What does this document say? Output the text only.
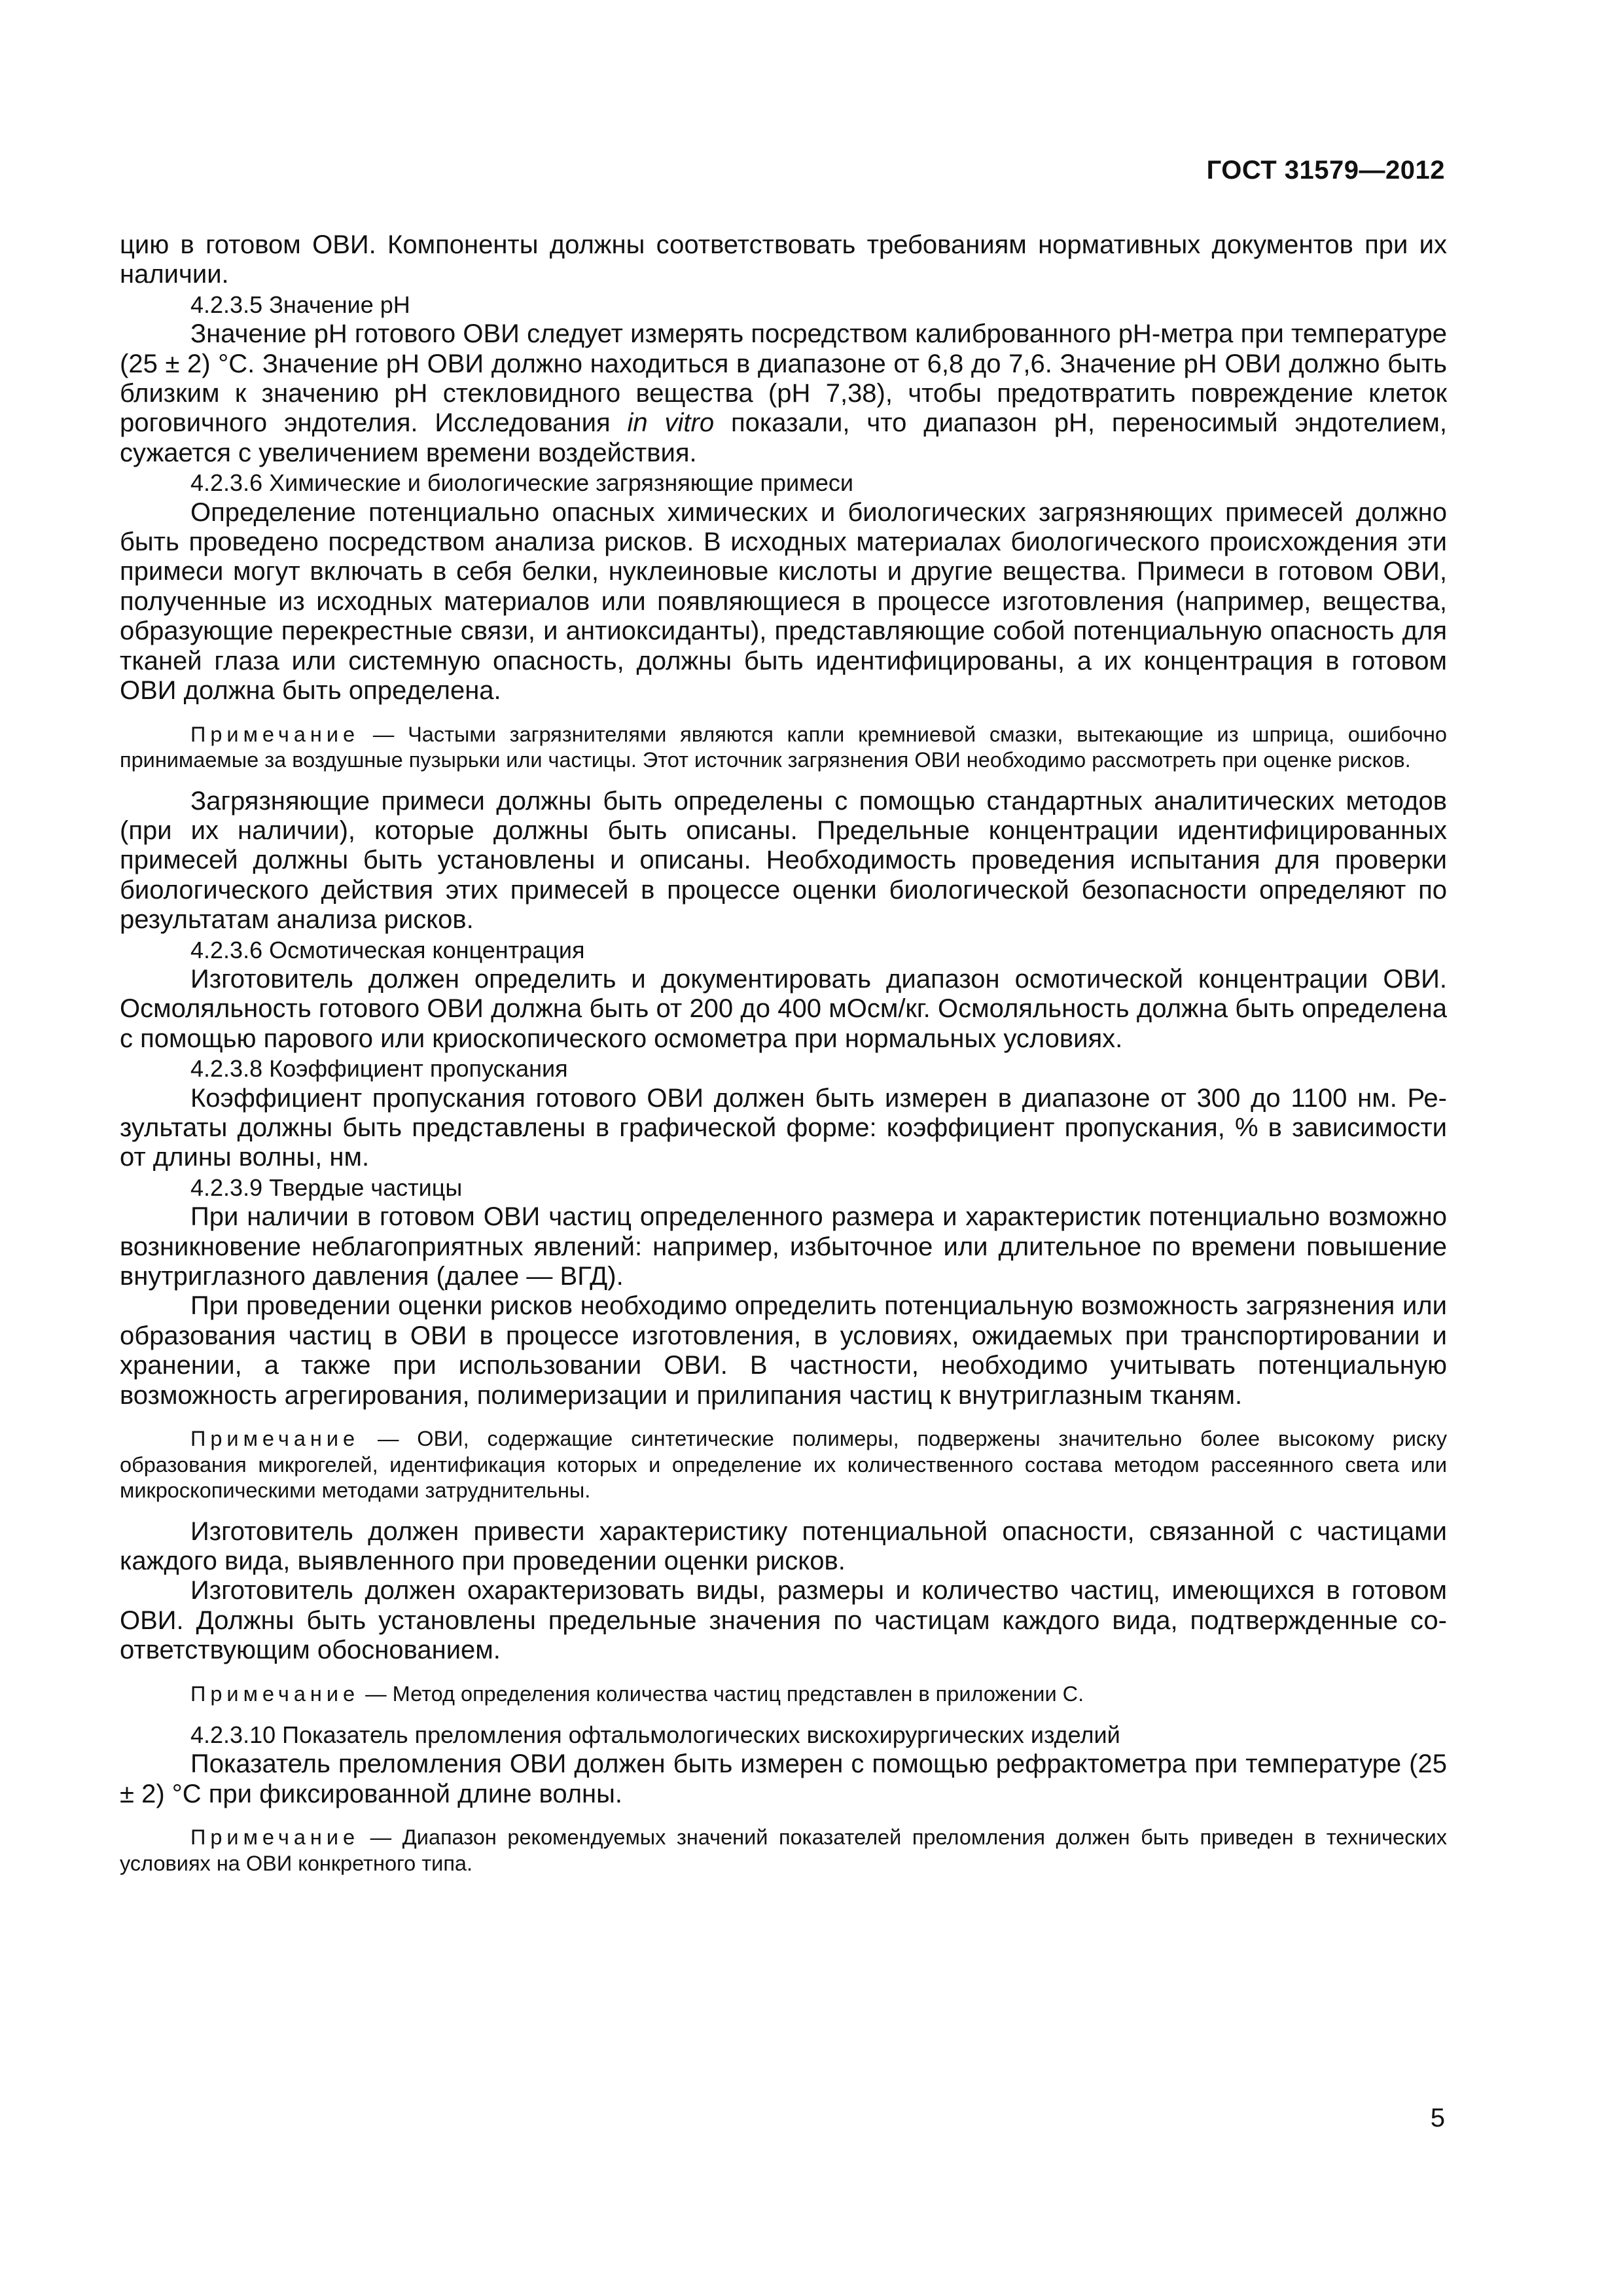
ГОСТ 31579—2012

цию в готовом ОВИ. Компоненты должны соответствовать требованиям нормативных документов при их наличии.

4.2.3.5 Значение pH

Значение pH готового ОВИ следует измерять посредством калиброванного pH-метра при температуре (25 ± 2) °С. Значение pH ОВИ должно находиться в диапазоне от 6,8 до 7,6. Значение pH ОВИ должно быть близким к значению pH стекловидного вещества (pH 7,38), чтобы предотвратить повреждение клеток роговичного эндотелия. Исследования in vitro показали, что диапазон pH, переносимый эндотелием, сужается с увеличением времени воздействия.

4.2.3.6 Химические и биологические загрязняющие примеси

Определение потенциально опасных химических и биологических загрязняющих примесей должно быть проведено посредством анализа рисков. В исходных материалах биологического происхождения эти примеси могут включать в себя белки, нуклеиновые кислоты и другие вещества. Примеси в готовом ОВИ, полученные из исходных материалов или появляющиеся в процессе изготовления (например, вещества, образующие перекрестные связи, и антиоксиданты), представляющие собой потенциальную опасность для тканей глаза или системную опасность, должны быть идентифицированы, а их концентрация в готовом ОВИ должна быть определена.

Примечание — Частыми загрязнителями являются капли кремниевой смазки, вытекающие из шприца, ошибочно принимаемые за воздушные пузырьки или частицы. Этот источник загрязнения ОВИ необходимо рассмотреть при оценке рисков.

Загрязняющие примеси должны быть определены с помощью стандартных аналитических методов (при их наличии), которые должны быть описаны. Предельные концентрации идентифицированных примесей должны быть установлены и описаны. Необходимость проведения испытания для проверки биологического действия этих примесей в процессе оценки биологической безопасности определяют по результатам анализа рисков.

4.2.3.6 Осмотическая концентрация

Изготовитель должен определить и документировать диапазон осмотической концентрации ОВИ. Осмоляльность готового ОВИ должна быть от 200 до 400 мОсм/кг. Осмоляльность должна быть определена с помощью парового или криоскопического осмометра при нормальных условиях.

4.2.3.8 Коэффициент пропускания

Коэффициент пропускания готового ОВИ должен быть измерен в диапазоне от 300 до 1100 нм. Результаты должны быть представлены в графической форме: коэффициент пропускания, % в зависимости от длины волны, нм.

4.2.3.9 Твердые частицы

При наличии в готовом ОВИ частиц определенного размера и характеристик потенциально возможно возникновение неблагоприятных явлений: например, избыточное или длительное по времени повышение внутриглазного давления (далее — ВГД).

При проведении оценки рисков необходимо определить потенциальную возможность загрязнения или образования частиц в ОВИ в процессе изготовления, в условиях, ожидаемых при транспортировании и хранении, а также при использовании ОВИ. В частности, необходимо учитывать потенциальную возможность агрегирования, полимеризации и прилипания частиц к внутриглазным тканям.

Примечание — ОВИ, содержащие синтетические полимеры, подвержены значительно более высокому риску образования микрогелей, идентификация которых и определение их количественного состава методом рассеянного света или микроскопическими методами затруднительны.

Изготовитель должен привести характеристику потенциальной опасности, связанной с частицами каждого вида, выявленного при проведении оценки рисков.

Изготовитель должен охарактеризовать виды, размеры и количество частиц, имеющихся в готовом ОВИ. Должны быть установлены предельные значения по частицам каждого вида, подтвержденные соответствующим обоснованием.

Примечание — Метод определения количества частиц представлен в приложении С.

4.2.3.10 Показатель преломления офтальмологических вискохирургических изделий

Показатель преломления ОВИ должен быть измерен с помощью рефрактометра при температуре (25 ± 2) °С при фиксированной длине волны.

Примечание — Диапазон рекомендуемых значений показателей преломления должен быть приведен в технических условиях на ОВИ конкретного типа.

5
